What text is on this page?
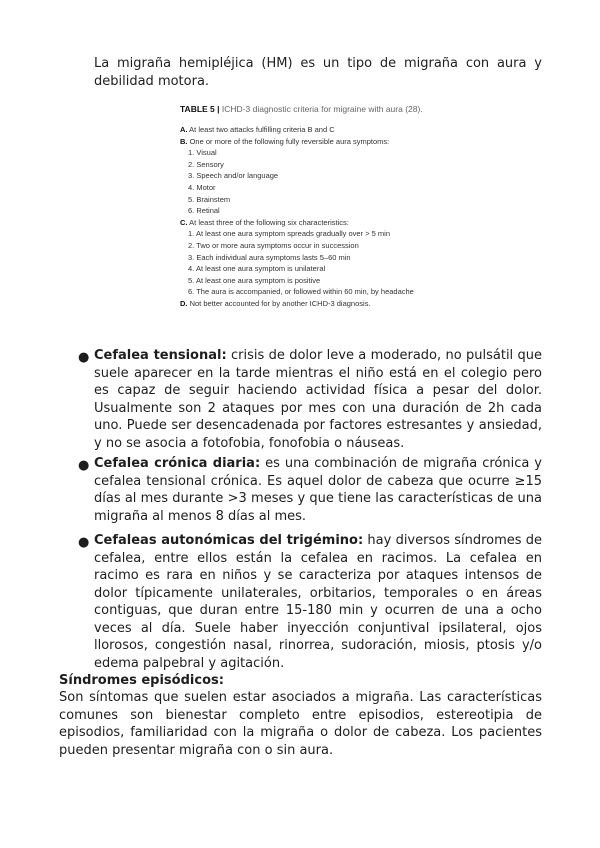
La migraña hemipléjica (HM) es un tipo de migraña con aura y debilidad motora.

TABLE 5 | ICHD-3 diagnostic criteria for migraine with aura (28).
A. At least two attacks fulfilling criteria B and C
B. One or more of the following fully reversible aura symptoms:
1. Visual
2. Sensory
3. Speech and/or language
4. Motor
5. Brainstem
6. Retinal
C. At least three of the following six characteristics:
1. At least one aura symptom spreads gradually over > 5 min
2. Two or more aura symptoms occur in succession
3. Each individual aura symptoms lasts 5–60 min
4. At least one aura symptom is unilateral
5. At least one aura symptom is positive
6. The aura is accompanied, or followed within 60 min, by headache
D. Not better accounted for by another ICHD-3 diagnosis.
● Cefalea tensional: crisis de dolor leve a moderado, no pulsátil que suele aparecer en la tarde mientras el niño está en el colegio pero es capaz de seguir haciendo actividad física a pesar del dolor. Usualmente son 2 ataques por mes con una duración de 2h cada uno. Puede ser desencadenada por factores estresantes y ansiedad, y no se asocia a fotofobia, fonofobia o náuseas.

● Cefalea crónica diaria: es una combinación de migraña crónica y cefalea tensional crónica. Es aquel dolor de cabeza que ocurre ≥15 días al mes durante >3 meses y que tiene las características de una migraña al menos 8 días al mes.

● Cefaleas autonómicas del trigémino: hay diversos síndromes de cefalea, entre ellos están la cefalea en racimos. La cefalea en racimo es rara en niños y se caracteriza por ataques intensos de dolor típicamente unilaterales, orbitarios, temporales o en áreas contiguas, que duran entre 15-180 min y ocurren de una a ocho veces al día. Suele haber inyección conjuntival ipsilateral, ojos llorosos, congestión nasal, rinorrea, sudoración, miosis, ptosis y/o edema palpebral y agitación.

Síndromes episódicos:

Son síntomas que suelen estar asociados a migraña. Las características comunes son bienestar completo entre episodios, estereotipia de episodios, familiaridad con la migraña o dolor de cabeza. Los pacientes pueden presentar migraña con o sin aura.
